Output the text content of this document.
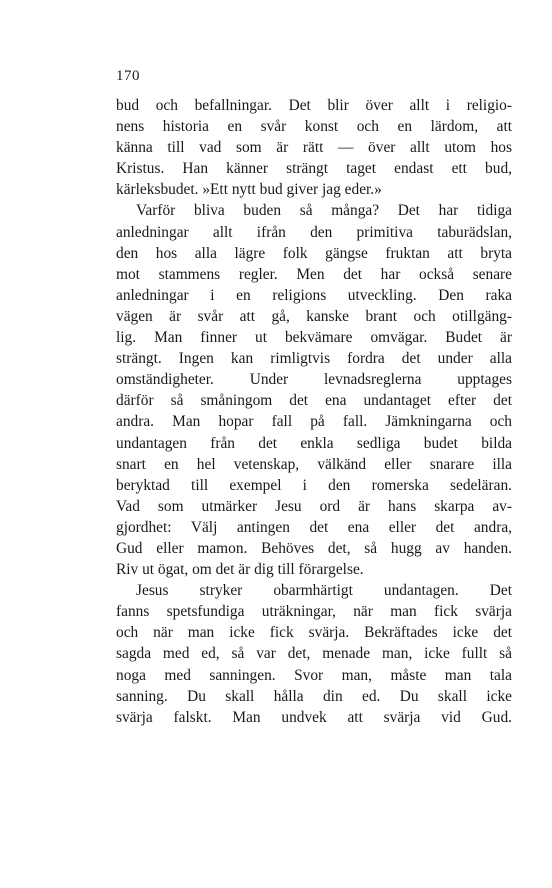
170
bud och befallningar. Det blir över allt i religio-
nens historia en svår konst och en lärdom, att
känna till vad som är rätt — över allt utom hos
Kristus. Han känner strängt taget endast ett bud,
kärleksbudet. »Ett nytt bud giver jag eder.»
Varför bliva buden så många? Det har tidiga
anledningar allt ifrån den primitiva taburädslan,
den hos alla lägre folk gängse fruktan att bryta
mot stammens regler. Men det har också senare
anledningar i en religions utveckling. Den raka
vägen är svår att gå, kanske brant och otillgäng-
lig. Man finner ut bekvämare omvägar. Budet är
strängt. Ingen kan rimligtvis fordra det under alla
omständigheter. Under levnadsreglerna upptages
därför så småningom det ena undantaget efter det
andra. Man hopar fall på fall. Jämkningarna och
undantagen från det enkla sedliga budet bilda
snart en hel vetenskap, välkänd eller snarare illa
beryktad till exempel i den romerska sedeläran.
Vad som utmärker Jesu ord är hans skarpa av-
gjordhet: Välj antingen det ena eller det andra,
Gud eller mamon. Behöves det, så hugg av handen.
Riv ut ögat, om det är dig till förargelse.
Jesus stryker obarmhärtigt undantagen. Det
fanns spetsfundiga uträkningar, när man fick svärja
och när man icke fick svärja. Bekräftades icke det
sagda med ed, så var det, menade man, icke fullt så
noga med sanningen. Svor man, måste man tala
sanning. Du skall hålla din ed. Du skall icke
svärja falskt. Man undvek att svärja vid Gud.
